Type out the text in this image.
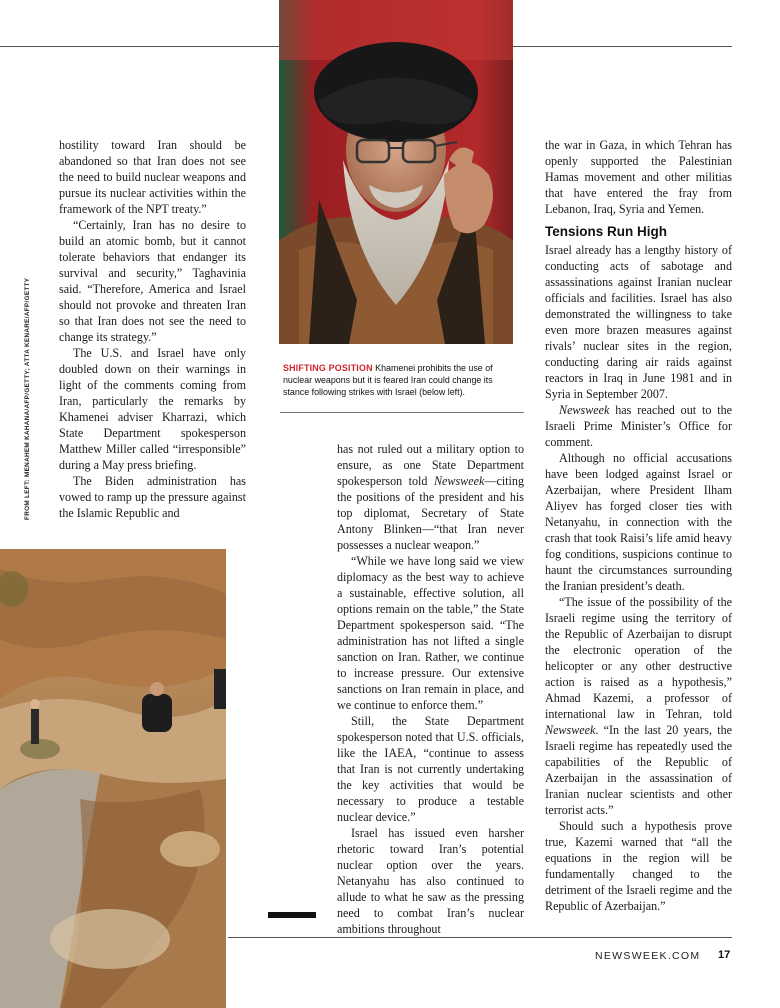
FROM LEFT: MENAHEM KAHANA/AFP/GETTY; ATTA KENARE/AFP/GETTY	SHIFTING POSITION Khamenei prohibits the use of nuclear weapons but it is feared Iran could change its stance following strikes with Israel (below left).

hostility toward Iran should be abandoned so that Iran does not see the need to build nuclear weapons and pursue its nuclear activities within the framework of the NPT treaty.”

“Certainly, Iran has no desire to build an atomic bomb, but it cannot tolerate behaviors that endanger its survival and security,” Taghavinia said. “Therefore, America and Israel should not provoke and threaten Iran so that Iran does not see the need to change its strategy.”

The U.S. and Israel have only doubled down on their warnings in light of the comments coming from Iran, particularly the remarks by Khamenei adviser Kharrazi, which State Department spokesperson Matthew Miller called “irresponsible” during a May press briefing.

The Biden administration has vowed to ramp up the pressure against the Islamic Republic and

has not ruled out a military option to ensure, as one State Department spokesperson told Newsweek—citing the positions of the president and his top diplomat, Secretary of State Antony Blinken—“that Iran never possesses a nuclear weapon.”

“While we have long said we view diplomacy as the best way to achieve a sustainable, effective solution, all options remain on the table,” the State Department spokesperson said. “The administration has not lifted a single sanction on Iran. Rather, we continue to increase pressure. Our extensive sanctions on Iran remain in place, and we continue to enforce them.”

Still, the State Department spokesperson noted that U.S. officials, like the IAEA, “continue to assess that Iran is not currently undertaking the key activities that would be necessary to produce a testable nuclear device.”

Israel has issued even harsher rhetoric toward Iran’s potential nuclear option over the years. Netanyahu has also continued to allude to what he saw as the pressing need to combat Iran’s nuclear ambitions throughout

the war in Gaza, in which Tehran has openly supported the Palestinian Hamas movement and other militias that have entered the fray from Lebanon, Iraq, Syria and Yemen.

Tensions Run High

Israel already has a lengthy history of conducting acts of sabotage and assassinations against Iranian nuclear officials and facilities. Israel has also demonstrated the willingness to take even more brazen measures against rivals’ nuclear sites in the region, conducting daring air raids against reactors in Iraq in June 1981 and in Syria in September 2007.

Newsweek has reached out to the Israeli Prime Minister’s Office for comment.

Although no official accusations have been lodged against Israel or Azerbaijan, where President Ilham Aliyev has forged closer ties with Netanyahu, in connection with the crash that took Raisi’s life amid heavy fog conditions, suspicions continue to haunt the circumstances surrounding the Iranian president’s death.

“The issue of the possibility of the Israeli regime using the territory of the Republic of Azerbaijan to disrupt the electronic operation of the helicopter or any other destructive action is raised as a hypothesis,” Ahmad Kazemi, a professor of international law in Tehran, told Newsweek. “In the last 20 years, the Israeli regime has repeatedly used the capabilities of the Republic of Azerbaijan in the assassination of Iranian nuclear scientists and other terrorist acts.”

Should such a hypothesis prove true, Kazemi warned that “all the equations in the region will be fundamentally changed to the detriment of the Israeli regime and the Republic of Azerbaijan.”

NEWSWEEK.COM 17
